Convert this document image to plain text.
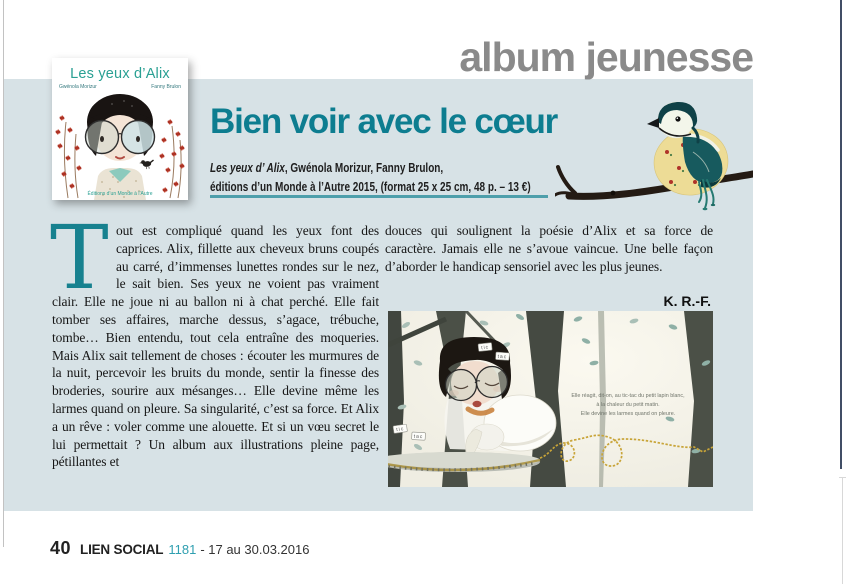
album jeunesse
Les yeux d’Alix
Gwénola Morizur	Fanny Brulon
Éditions d’un Monde à l’Autre
Bien voir avec le cœur
Les yeux d’ Alix, Gwénola Morizur, Fanny Brulon,
éditions d’un Monde à l’Autre 2015, (format 25 x 25 cm, 48 p. – 13 €)

Tout est compliqué quand les yeux font des caprices. Alix, fillette aux cheveux bruns coupés au carré, d’immenses lunettes rondes sur le nez, le sait bien. Ses yeux ne voient pas vraiment clair. Elle ne joue ni au ballon ni à chat perché. Elle fait tomber ses affaires, marche dessus, s’agace, trébuche, tombe… Bien entendu, tout cela entraîne des moqueries. Mais Alix sait tellement de choses : écouter les murmures de la nuit, percevoir les bruits du monde, sentir la finesse des broderies, sourire aux mésanges… Elle devine même les larmes quand on pleure. Sa singularité, c’est sa force. Et Alix a un rêve : voler comme une alouette. Et si un vœu secret le lui permettait ? Un album aux illustrations pleine page, pétillantes et

douces qui soulignent la poésie d’Alix et sa force de caractère. Jamais elle ne s’avoue vaincue. Une belle façon d’aborder le handicap sensoriel avec les plus jeunes.

K. R.-F.
tic
tac
tic
tac
Elle réagit, dit-on, au tic-tac du petit lapin blanc,
à la chaleur du petit matin.
Elle devine les larmes quand on pleure.
40 LIEN SOCIAL 1181 - 17 au 30.03.2016
